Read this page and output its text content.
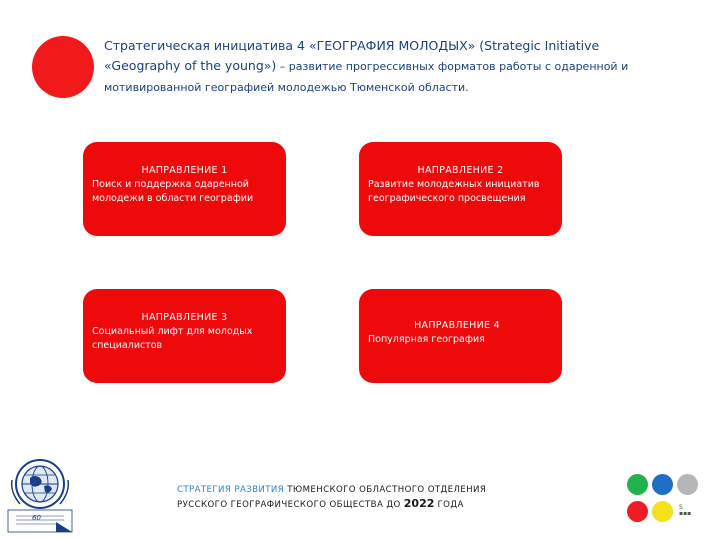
Стратегическая инициатива 4 «ГЕОГРАФИЯ МОЛОДЫХ» (Strategic Initiative
«Geography of the young») – развитие прогрессивных форматов работы с одаренной и
мотивированной географией молодежью Тюменской области.
НАПРАВЛЕНИЕ 1
Поиск и поддержка одаренной молодежи в области географии
НАПРАВЛЕНИЕ 2
Развитие молодежных инициатив географического просвещения
НАПРАВЛЕНИЕ 3
Социальный лифт для молодых специалистов
НАПРАВЛЕНИЕ 4
Популярная география
60
СТРАТЕГИЯ РАЗВИТИЯ ТЮМЕНСКОГО ОБЛАСТНОГО ОТДЕЛЕНИЯ
РУССКОГО ГЕОГРАФИЧЕСКОГО ОБЩЕСТВА ДО 2022 ГОДА	S
▪▪▪
